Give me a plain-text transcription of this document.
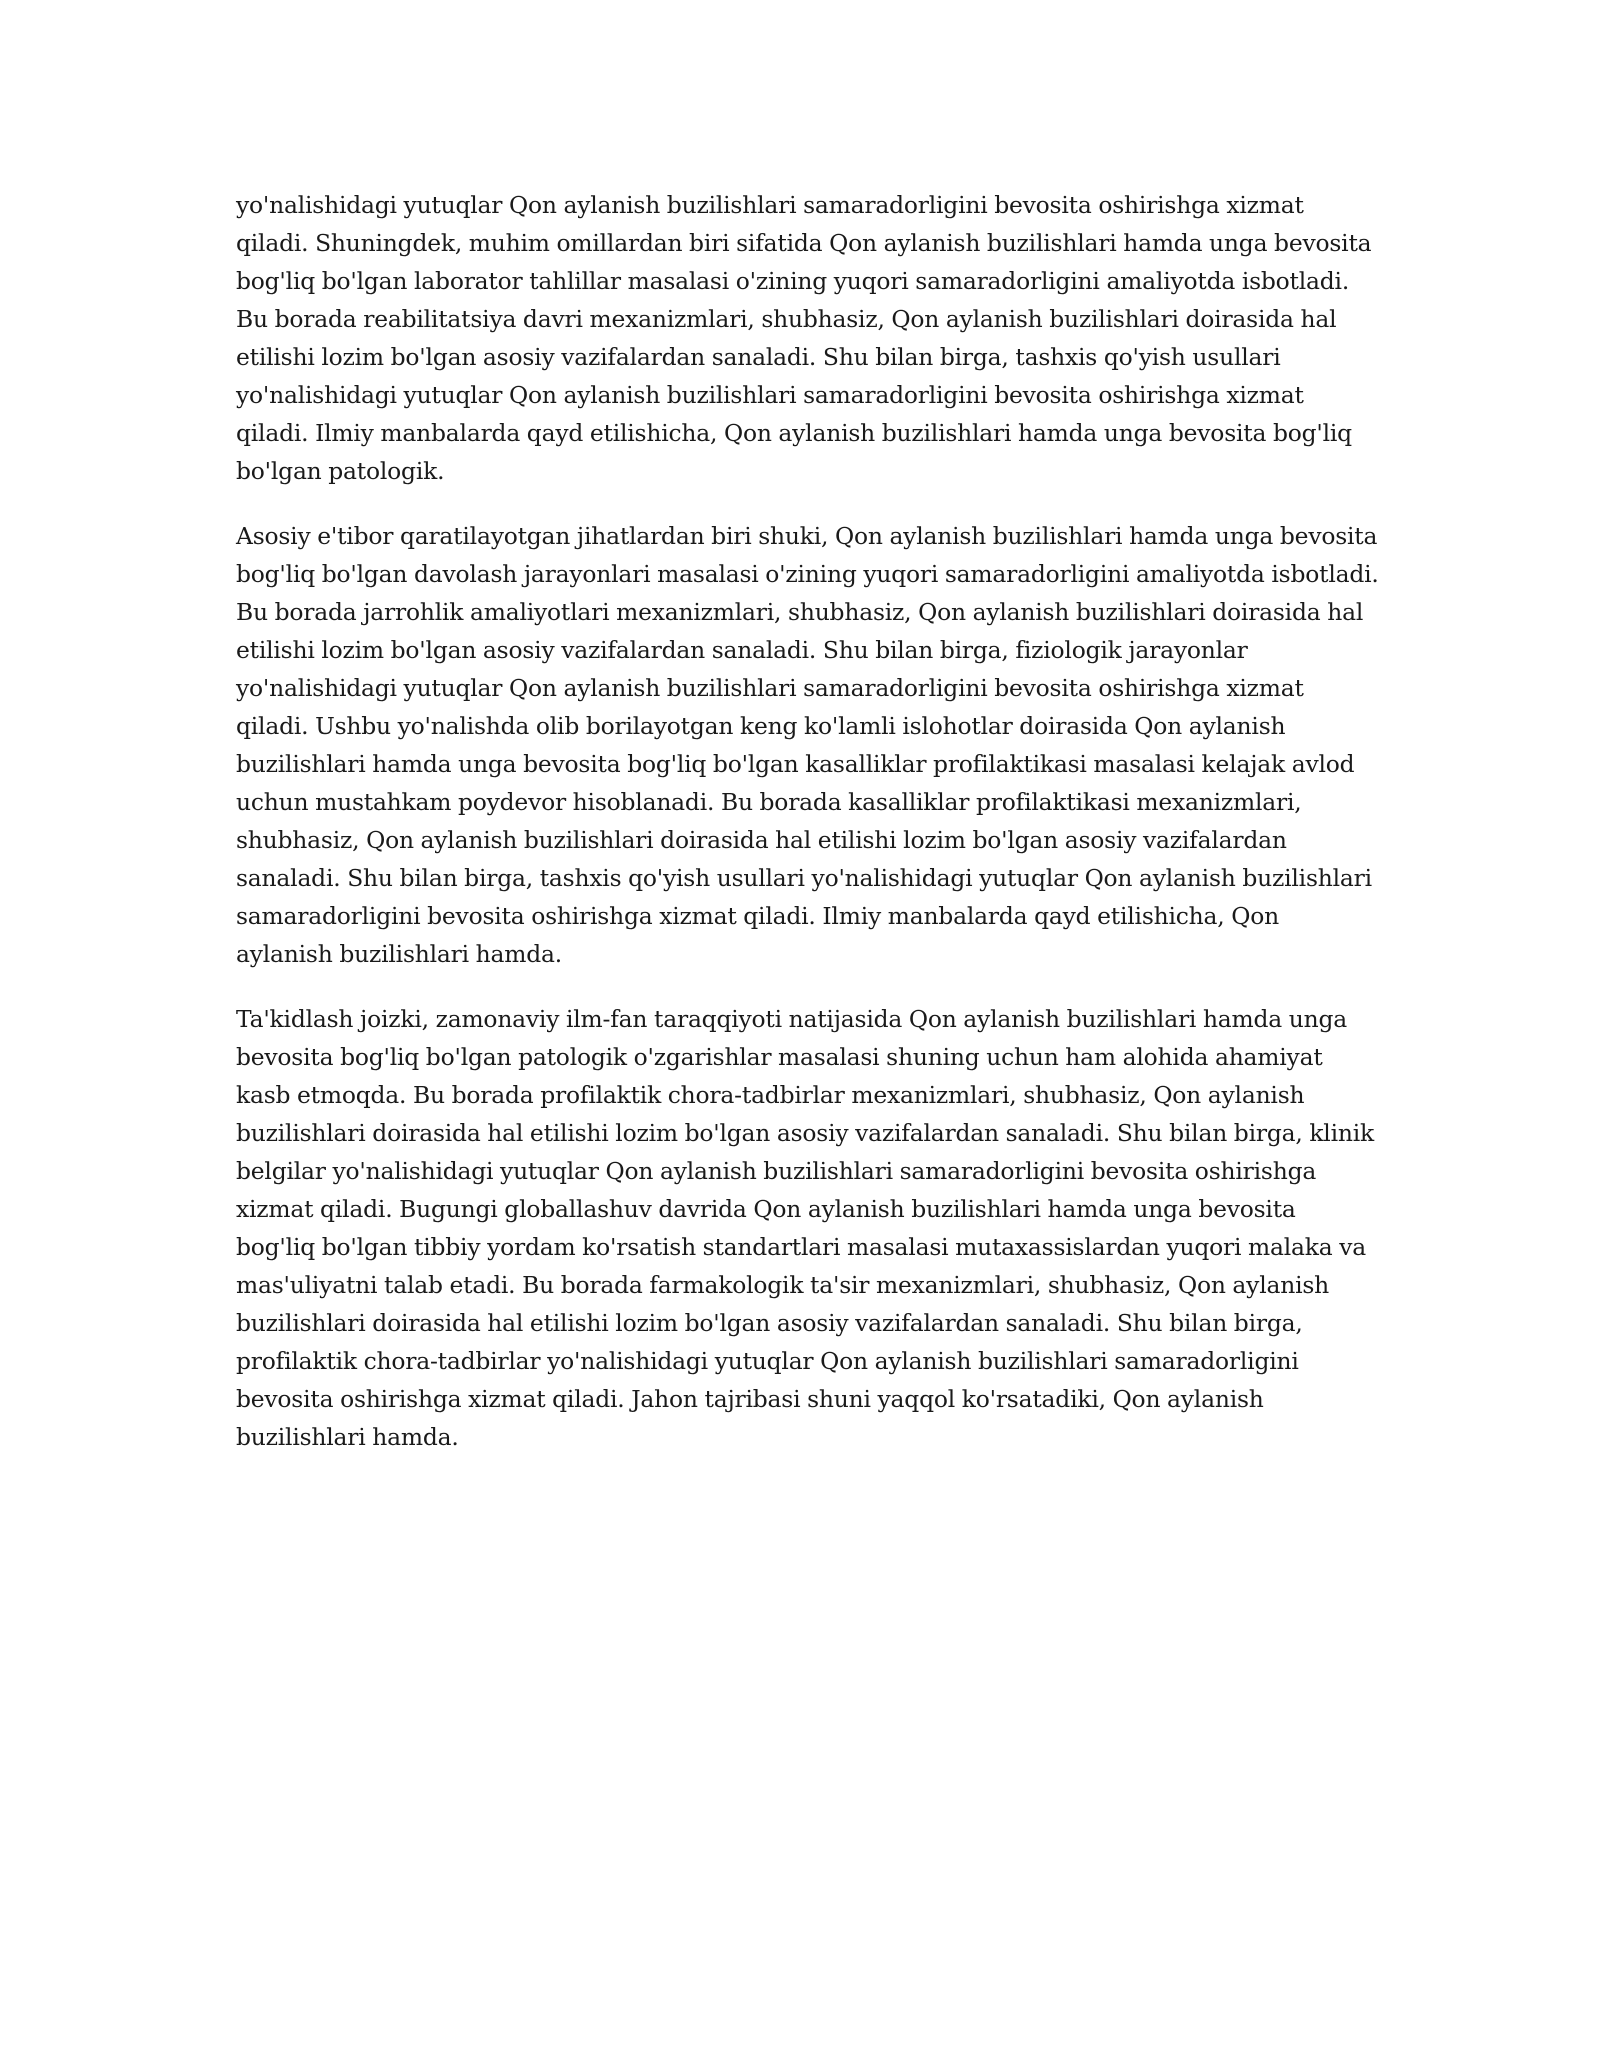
yo'nalishidagi yutuqlar Qon aylanish buzilishlari samaradorligini bevosita oshirishga xizmat qiladi. Shuningdek, muhim omillardan biri sifatida Qon aylanish buzilishlari hamda unga bevosita bog'liq bo'lgan laborator tahlillar masalasi o'zining yuqori samaradorligini amaliyotda isbotladi. Bu borada reabilitatsiya davri mexanizmlari, shubhasiz, Qon aylanish buzilishlari doirasida hal etilishi lozim bo'lgan asosiy vazifalardan sanaladi. Shu bilan birga, tashxis qo'yish usullari yo'nalishidagi yutuqlar Qon aylanish buzilishlari samaradorligini bevosita oshirishga xizmat qiladi. Ilmiy manbalarda qayd etilishicha, Qon aylanish buzilishlari hamda unga bevosita bog'liq bo'lgan patologik.

Asosiy e'tibor qaratilayotgan jihatlardan biri shuki, Qon aylanish buzilishlari hamda unga bevosita bog'liq bo'lgan davolash jarayonlari masalasi o'zining yuqori samaradorligini amaliyotda isbotladi. Bu borada jarrohlik amaliyotlari mexanizmlari, shubhasiz, Qon aylanish buzilishlari doirasida hal etilishi lozim bo'lgan asosiy vazifalardan sanaladi. Shu bilan birga, fiziologik jarayonlar yo'nalishidagi yutuqlar Qon aylanish buzilishlari samaradorligini bevosita oshirishga xizmat qiladi. Ushbu yo'nalishda olib borilayotgan keng ko'lamli islohotlar doirasida Qon aylanish buzilishlari hamda unga bevosita bog'liq bo'lgan kasalliklar profilaktikasi masalasi kelajak avlod uchun mustahkam poydevor hisoblanadi. Bu borada kasalliklar profilaktikasi mexanizmlari, shubhasiz, Qon aylanish buzilishlari doirasida hal etilishi lozim bo'lgan asosiy vazifalardan sanaladi. Shu bilan birga, tashxis qo'yish usullari yo'nalishidagi yutuqlar Qon aylanish buzilishlari samaradorligini bevosita oshirishga xizmat qiladi. Ilmiy manbalarda qayd etilishicha, Qon aylanish buzilishlari hamda.

Ta'kidlash joizki, zamonaviy ilm-fan taraqqiyoti natijasida Qon aylanish buzilishlari hamda unga bevosita bog'liq bo'lgan patologik o'zgarishlar masalasi shuning uchun ham alohida ahamiyat kasb etmoqda. Bu borada profilaktik chora-tadbirlar mexanizmlari, shubhasiz, Qon aylanish buzilishlari doirasida hal etilishi lozim bo'lgan asosiy vazifalardan sanaladi. Shu bilan birga, klinik belgilar yo'nalishidagi yutuqlar Qon aylanish buzilishlari samaradorligini bevosita oshirishga xizmat qiladi. Bugungi globallashuv davrida Qon aylanish buzilishlari hamda unga bevosita bog'liq bo'lgan tibbiy yordam ko'rsatish standartlari masalasi mutaxassislardan yuqori malaka va mas'uliyatni talab etadi. Bu borada farmakologik ta'sir mexanizmlari, shubhasiz, Qon aylanish buzilishlari doirasida hal etilishi lozim bo'lgan asosiy vazifalardan sanaladi. Shu bilan birga, profilaktik chora-tadbirlar yo'nalishidagi yutuqlar Qon aylanish buzilishlari samaradorligini bevosita oshirishga xizmat qiladi. Jahon tajribasi shuni yaqqol ko'rsatadiki, Qon aylanish buzilishlari hamda.
